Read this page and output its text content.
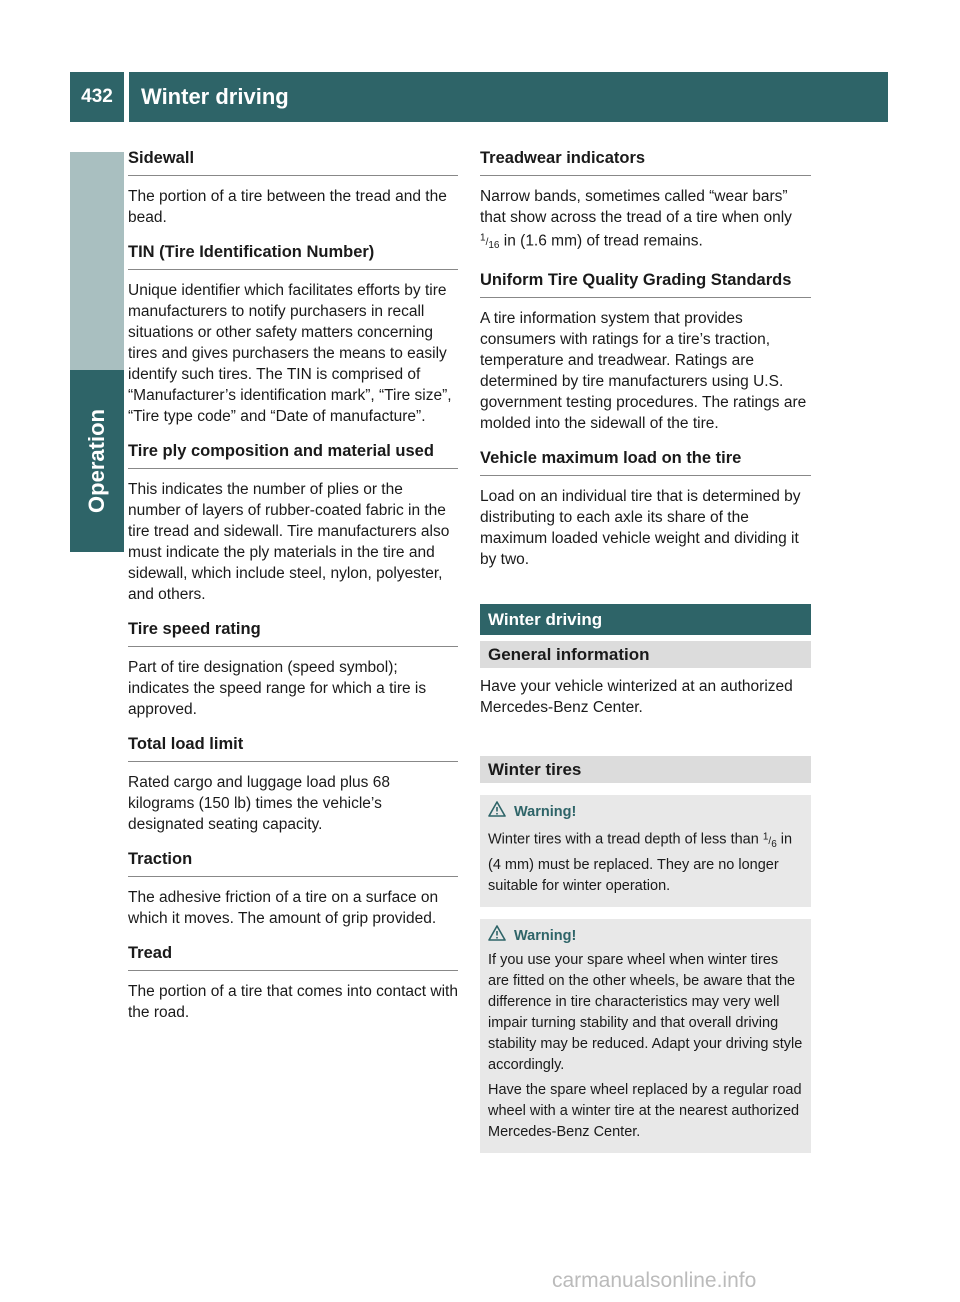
432	Winter driving
Operation
Sidewall

The portion of a tire between the tread and the bead.

TIN (Tire Identification Number)

Unique identifier which facilitates efforts by tire manufacturers to notify purchasers in recall situations or other safety matters concerning tires and gives purchasers the means to easily identify such tires. The TIN is comprised of “Manufacturer’s identification mark”, “Tire size”, “Tire type code” and “Date of manufacture”.

Tire ply composition and material used

This indicates the number of plies or the number of layers of rubber-coated fabric in the tire tread and sidewall. Tire manufacturers also must indicate the ply materials in the tire and sidewall, which include steel, nylon, polyester, and others.

Tire speed rating

Part of tire designation (speed symbol); indicates the speed range for which a tire is approved.

Total load limit

Rated cargo and luggage load plus 68 kilograms (150 lb) times the vehicle’s designated seating capacity.

Traction

The adhesive friction of a tire on a surface on which it moves. The amount of grip provided.

Tread

The portion of a tire that comes into contact with the road.

Treadwear indicators

Narrow bands, sometimes called “wear bars” that show across the tread of a tire when only $^1/_{16}$ in (1.6 mm) of tread remains.

Uniform Tire Quality Grading Standards

A tire information system that provides consumers with ratings for a tire’s traction, temperature and treadwear. Ratings are determined by tire manufacturers using U.S. government testing procedures. The ratings are molded into the sidewall of the tire.

Vehicle maximum load on the tire

Load on an individual tire that is determined by distributing to each axle its share of the maximum loaded vehicle weight and dividing it by two.

Winter driving
General information

Have your vehicle winterized at an authorized Mercedes-Benz Center.

Winter tires
Warning!

Winter tires with a tread depth of less than $^1/_6$ in (4 mm) must be replaced. They are no longer suitable for winter operation.

Warning!

If you use your spare wheel when winter tires are fitted on the other wheels, be aware that the difference in tire characteristics may very well impair turning stability and that overall driving stability may be reduced. Adapt your driving style accordingly.

Have the spare wheel replaced by a regular road wheel with a winter tire at the nearest authorized Mercedes-Benz Center.

carmanualsonline.info
